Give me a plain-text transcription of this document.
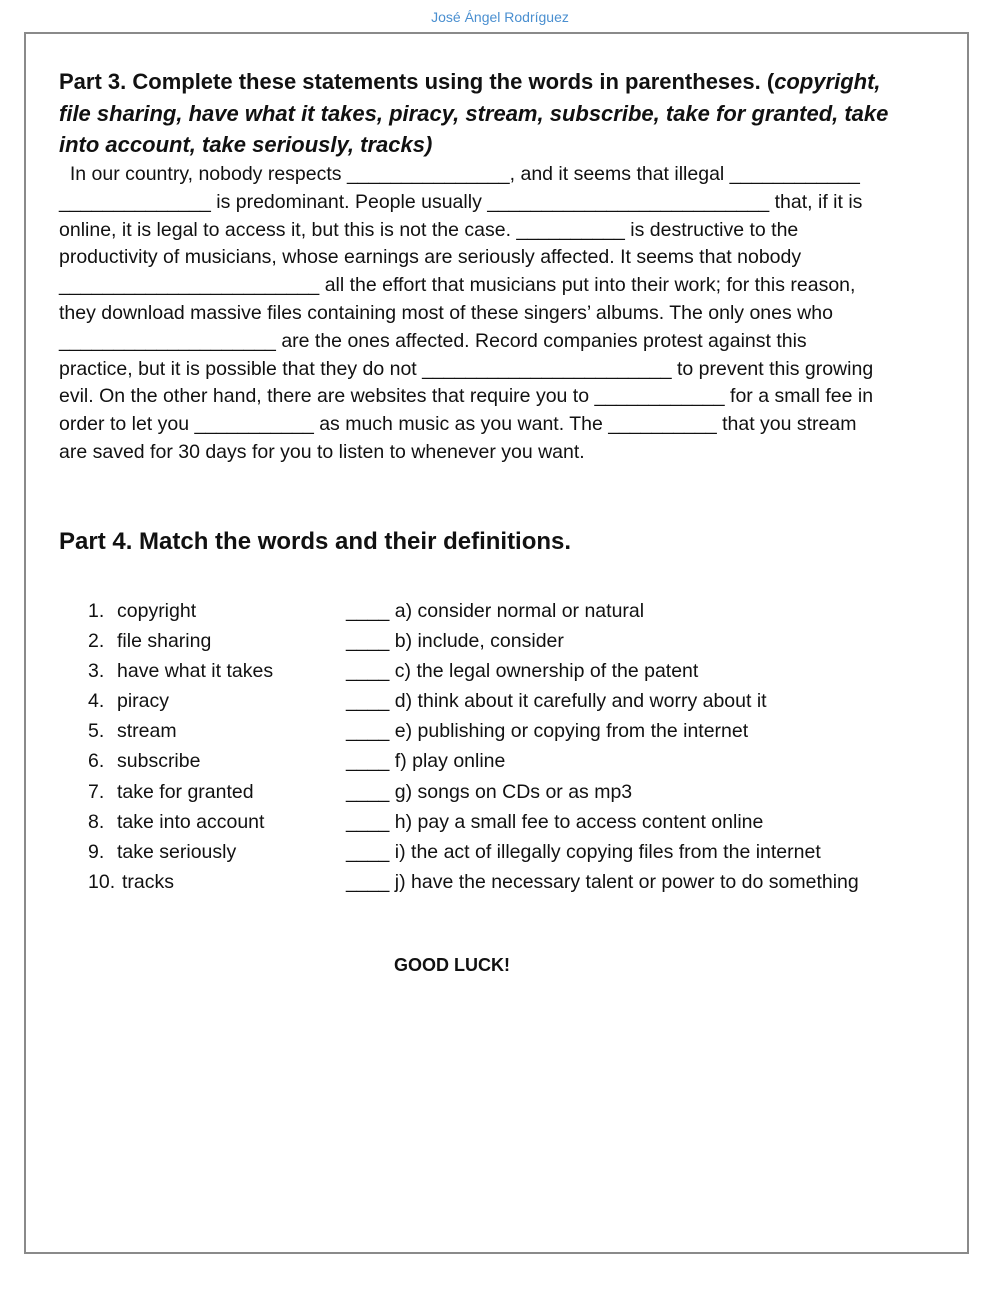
José Ángel Rodríguez
Part 3. Complete these statements using the words in parentheses. (copyright,
file sharing, have what it takes, piracy, stream, subscribe, take for granted, take
into account, take seriously, tracks)
In our country, nobody respects _______________, and it seems that illegal ____________
______________ is predominant. People usually __________________________ that, if it is
online, it is legal to access it, but this is not the case. __________ is destructive to the
productivity of musicians, whose earnings are seriously affected. It seems that nobody
________________________ all the effort that musicians put into their work; for this reason,
they download massive files containing most of these singers’ albums. The only ones who
____________________ are the ones affected. Record companies protest against this
practice, but it is possible that they do not _______________________ to prevent this growing
evil. On the other hand, there are websites that require you to ____________ for a small fee in
order to let you ___________ as much music as you want. The __________ that you stream
are saved for 30 days for you to listen to whenever you want.
Part 4. Match the words and their definitions.
1. copyright	____ a) consider normal or natural
2. file sharing	____ b) include, consider
3. have what it takes	____ c) the legal ownership of the patent
4. piracy	____ d) think about it carefully and worry about it
5. stream	____ e) publishing or copying from the internet
6. subscribe	____ f) play online
7. take for granted	____ g) songs on CDs or as mp3
8. take into account	____ h) pay a small fee to access content online
9. take seriously	____ i) the act of illegally copying files from the internet
10. tracks	____ j) have the necessary talent or power to do something
GOOD LUCK!
